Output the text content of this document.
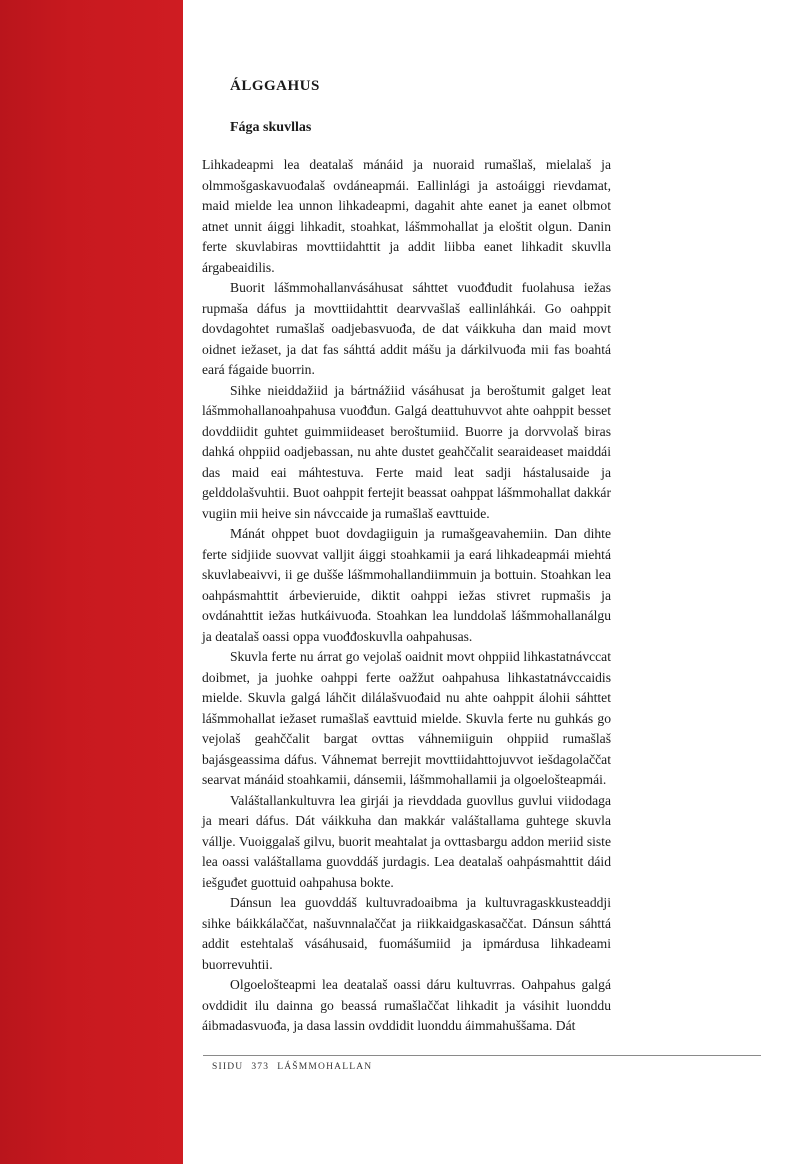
ÁLGGAHUS
Fága skuvllas

Lihkadeapmi lea deatalaš mánáid ja nuoraid rumašlaš, mielalaš ja olmmošgaskavuođalaš ovdáneapmái. Eallinlági ja astoáiggi rievdamat, maid mielde lea unnon lihkadeapmi, dagahit ahte eanet ja eanet olbmot atnet unnit áiggi lihkadit, stoahkat, lášmmohallat ja eloštit olgun. Danin ferte skuvlabiras movttiidahttit ja addit liibba eanet lihkadit skuvlla árgabeaidilis.

Buorit lášmmohallanvásáhusat sáhttet vuođđudit fuolahusa iežas rupmaša dáfus ja movttiidahttit dearvvašlaš eallinláhkái. Go oahppit dovdagohtet rumašlaš oadjebasvuođa, de dat váikkuha dan maid movt oidnet iežaset, ja dat fas sáhttá addit mášu ja dárkilvuođa mii fas boahtá eará fágaide buorrin.

Sihke nieiddažiid ja bártnážiid vásáhusat ja beroštumit galget leat lášmmohallanoahpahusa vuođđun. Galgá deattuhuvvot ahte oahppit besset dovddiidit guhtet guimmiideaset beroštumiid. Buorre ja dorvvolaš biras dahká ohppiid oadjebassan, nu ahte dustet geahččalit searaideaset maiddái das maid eai máhtestuva. Ferte maid leat sadji hástalusaide ja gelddolašvuhtii. Buot oahppit fertejit beassat oahppat lášmmohallat dakkár vugiin mii heive sin návccaide ja rumašlaš eavttuide.

Mánát ohppet buot dovdagiiguin ja rumašgeavahemiin. Dan dihte ferte sidjiide suovvat valljit áiggi stoahkamii ja eará lihkadeapmái miehtá skuvlabeaivvi, ii ge dušše lášmmohallandiimmuin ja bottuin. Stoahkan lea oahpásmahttit árbevieruide, diktit oahppi iežas stivret rupmašis ja ovdánahttit iežas hutkáivuođa. Stoahkan lea lunddolaš lášmmohallanálgu ja deatalaš oassi oppa vuođđoskuvlla oahpahusas.

Skuvla ferte nu árrat go vejolaš oaidnit movt ohppiid lihkastatnávccat doibmet, ja juohke oahppi ferte oažžut oahpahusa lihkastatnávccaidis mielde. Skuvla galgá láhčit dilálašvuođaid nu ahte oahppit álohii sáhttet lášmmohallat iežaset rumašlaš eavttuid mielde. Skuvla ferte nu guhkás go vejolaš geahččalit bargat ovttas váhnemiiguin ohppiid rumašlaš bajásgeassima dáfus. Váhnemat berrejit movttiidahttojuvvot iešdagolaččat searvat mánáid stoahkamii, dánsemii, lášmmohallamii ja olgoeloštеapmái.

Valáštallankultuvra lea girjái ja rievddada guovllus guvlui viidodaga ja meari dáfus. Dát váikkuha dan makkár valáštallama guhtege skuvla vállje. Vuoiggalaš gilvu, buorit meahtalat ja ovttasbargu addon meriid siste lea oassi valáštallama guovddáš jurdagis. Lea deatalaš oahpásmahttit dáid iešguđet guottuid oahpahusa bokte.

Dánsun lea guovddáš kultuvradoaibma ja kultuvragaskkusteaddji sihke báikkálaččat, našuvnnalaččat ja riikkaidgaskasaččat. Dánsun sáhttá addit estehtalaš vásáhusaid, fuomášumiid ja ipmárdusa lihkadeami buorrevuhtii.

Olgoeloštеapmi lea deatalaš oassi dáru kultuvrras. Oahpahus galgá ovddidit ilu dainna go beassá rumašlaččat lihkadit ja vásihit luonddu áibmadasvuođa, ja dasa lassin ovddidit luonddu áimmahuššama. Dát

SIIDU 373 LÁŠMMOHALLAN
